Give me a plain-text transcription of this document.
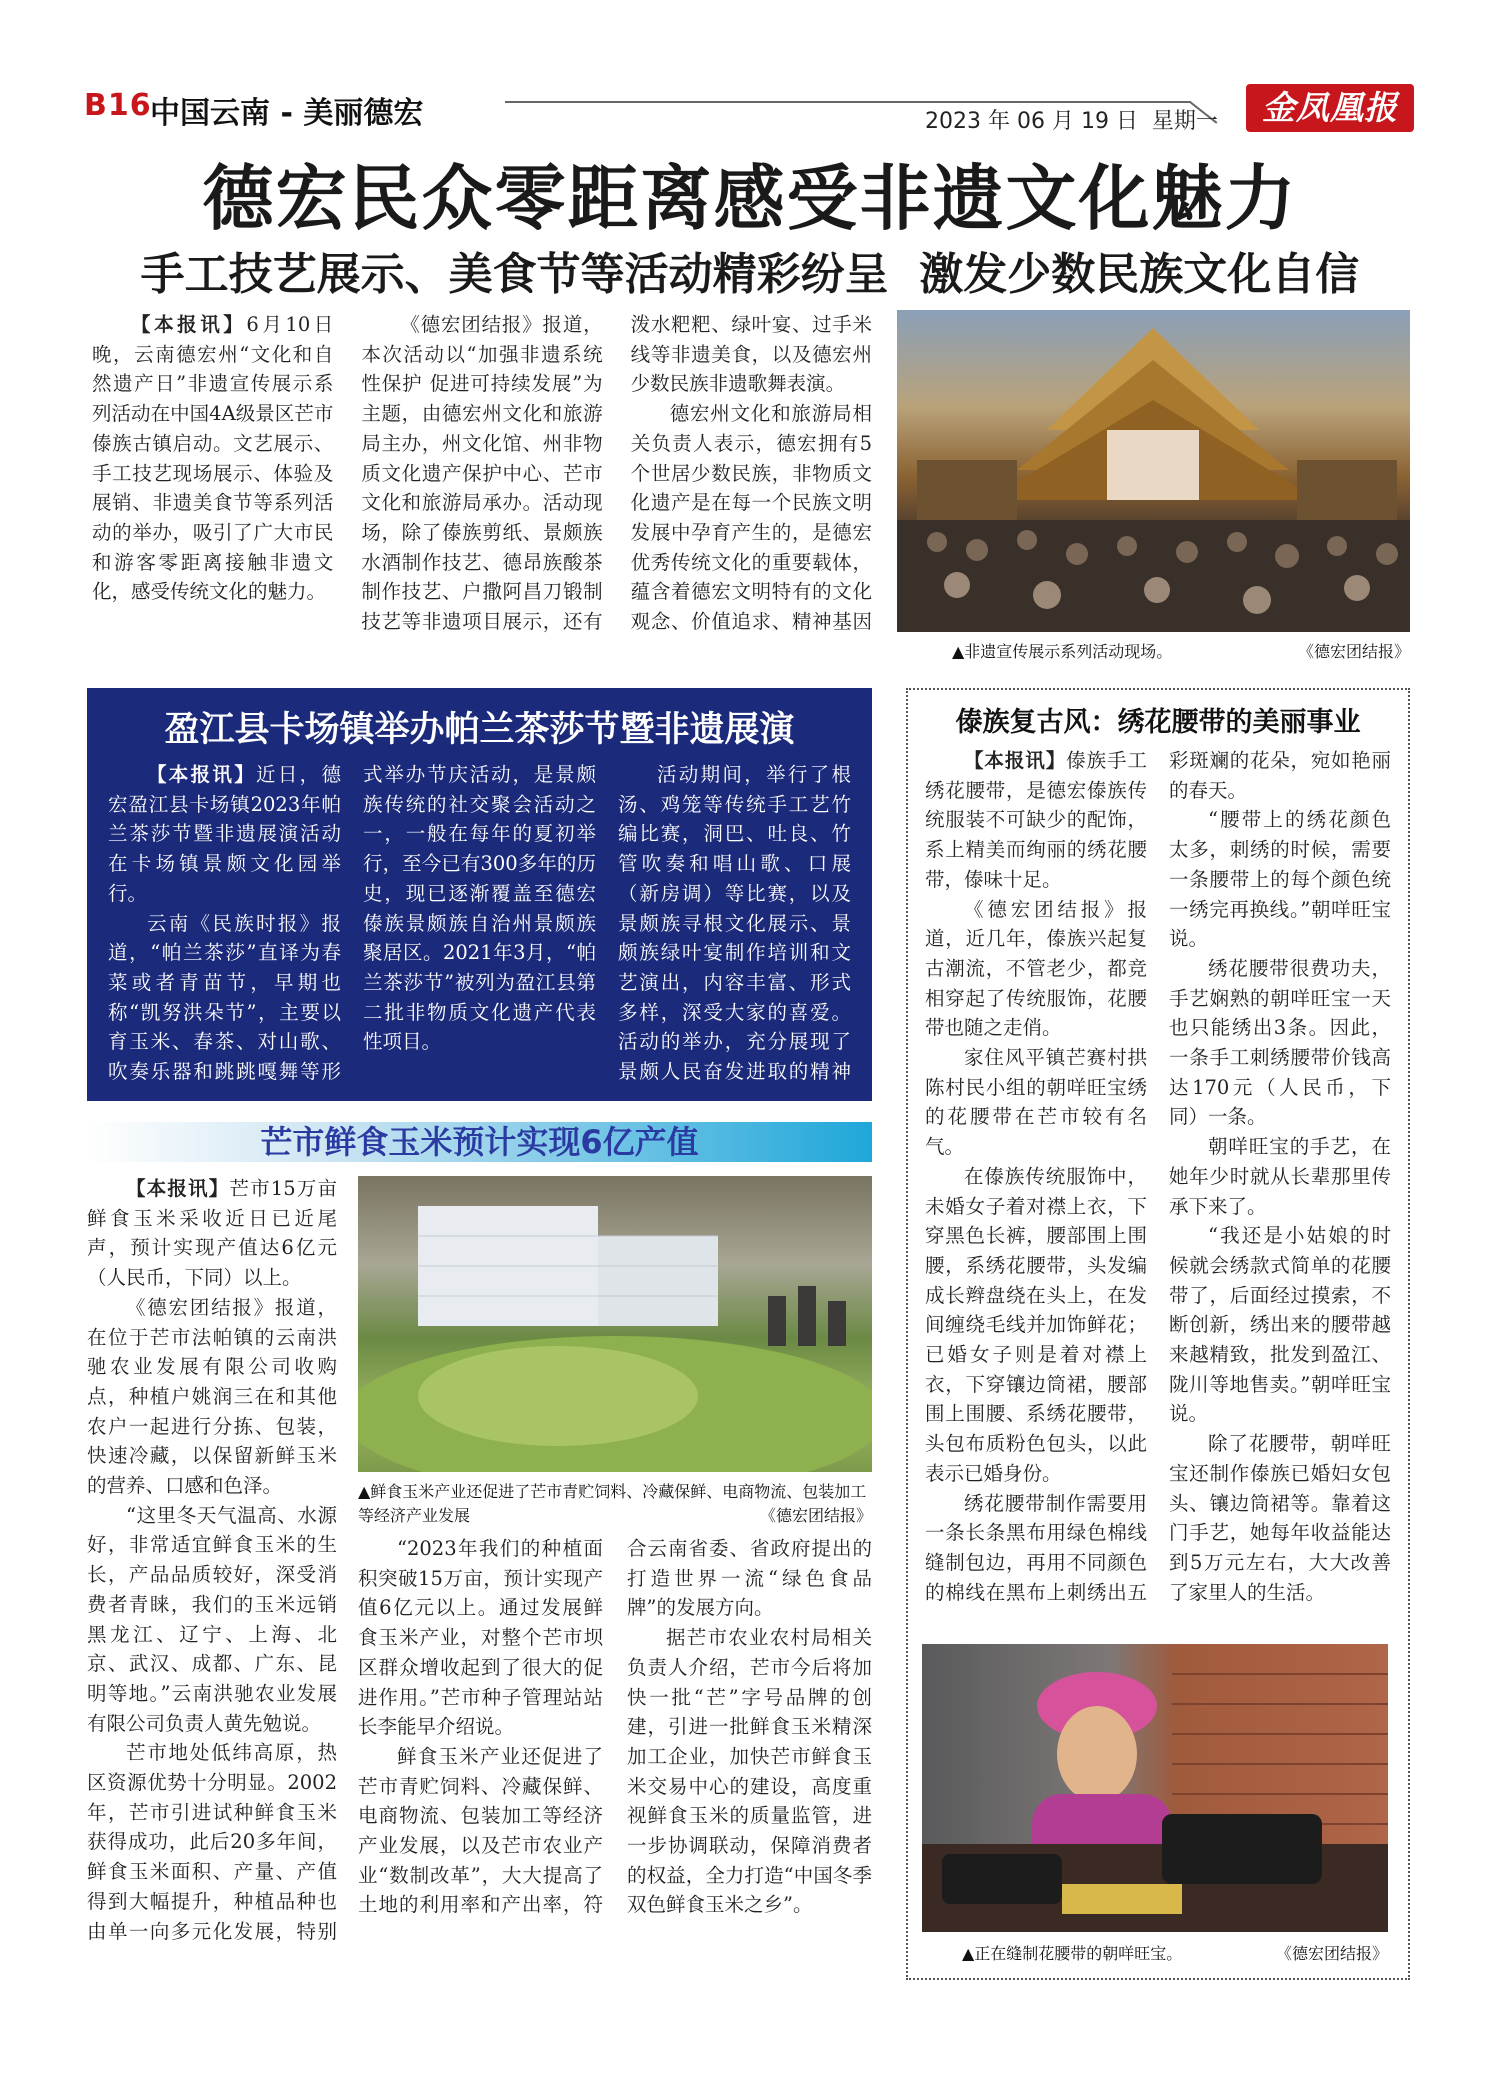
B16
中国云南 - 美丽德宏	2023 年 06 月 19 日  星期一	金凤凰报
德宏民众零距离感受非遗文化魅力
手工技艺展示、美食节等活动精彩纷呈  激发少数民族文化自信

【本报讯】6月10日晚，云南德宏州“文化和自然遗产日”非遗宣传展示系列活动在中国4A级景区芒市傣族古镇启动。文艺展示、手工技艺现场展示、体验及展销、非遗美食节等系列活动的举办，吸引了广大市民和游客零距离接触非遗文化，感受传统文化的魅力。

《德宏团结报》报道，本次活动以“加强非遗系统性保护 促进可持续发展”为主题，由德宏州文化和旅游局主办，州文化馆、州非物质文化遗产保护中心、芒市文化和旅游局承办。活动现场，除了傣族剪纸、景颇族水酒制作技艺、德昂族酸茶制作技艺、户撒阿昌刀锻制技艺等非遗项目展示，还有泼水粑粑、绿叶宴、过手米线等非遗美食，以及德宏州少数民族非遗歌舞表演。

德宏州文化和旅游局相关负责人表示，德宏拥有5个世居少数民族，非物质文化遗产是在每一个民族文明发展中孕育产生的，是德宏优秀传统文化的重要载体，蕴含着德宏文明特有的文化观念、价值追求、精神基因

▲非遗宣传展示系列活动现场。	《德宏团结报》
盈江县卡场镇举办帕兰茶莎节暨非遗展演

【本报讯】近日，德宏盈江县卡场镇2023年帕兰茶莎节暨非遗展演活动在卡场镇景颇文化园举行。

云南《民族时报》报道，“帕兰茶莎”直译为春菜或者青苗节，早期也称“凯努洪朵节”，主要以育玉米、春茶、对山歌、吹奏乐器和跳跳嘎舞等形式举办节庆活动，是景颇族传统的社交聚会活动之一，一般在每年的夏初举行，至今已有300多年的历史，现已逐渐覆盖至德宏傣族景颇族自治州景颇族聚居区。2021年3月，“帕兰茶莎节”被列为盈江县第二批非物质文化遗产代表性项目。

活动期间，举行了根汤、鸡笼等传统手工艺竹编比赛，洞巴、吐良、竹管吹奏和唱山歌、口展（新房调）等比赛，以及景颇族寻根文化展示、景颇族绿叶宴制作培训和文艺演出，内容丰富、形式多样，深受大家的喜爱。活动的举办，充分展现了景颇人民奋发进取的精神

傣族复古风：绣花腰带的美丽事业

【本报讯】傣族手工绣花腰带，是德宏傣族传统服装不可缺少的配饰，系上精美而绚丽的绣花腰带，傣味十足。

《德宏团结报》报道，近几年，傣族兴起复古潮流，不管老少，都竞相穿起了传统服饰，花腰带也随之走俏。

家住风平镇芒赛村拱陈村民小组的朝咩旺宝绣的花腰带在芒市较有名气。

在傣族传统服饰中，未婚女子着对襟上衣，下穿黑色长裤，腰部围上围腰，系绣花腰带，头发编成长辫盘绕在头上，在发间缠绕毛线并加饰鲜花；已婚女子则是着对襟上衣，下穿镶边筒裙，腰部围上围腰、系绣花腰带，头包布质粉色包头，以此表示已婚身份。

绣花腰带制作需要用一条长条黑布用绿色棉线缝制包边，再用不同颜色的棉线在黑布上刺绣出五彩斑斓的花朵，宛如艳丽的春天。

“腰带上的绣花颜色太多，刺绣的时候，需要一条腰带上的每个颜色统一绣完再换线。”朝咩旺宝说。

绣花腰带很费功夫，手艺娴熟的朝咩旺宝一天也只能绣出3条。因此，一条手工刺绣腰带价钱高达170元（人民币，下同）一条。

朝咩旺宝的手艺，在她年少时就从长辈那里传承下来了。

“我还是小姑娘的时候就会绣款式简单的花腰带了，后面经过摸索，不断创新，绣出来的腰带越来越精致，批发到盈江、陇川等地售卖。”朝咩旺宝说。

除了花腰带，朝咩旺宝还制作傣族已婚妇女包头、镶边筒裙等。靠着这门手艺，她每年收益能达到5万元左右，大大改善了家里人的生活。

▲正在缝制花腰带的朝咩旺宝。	《德宏团结报》
芒市鲜食玉米预计实现6亿产值
▲鲜食玉米产业还促进了芒市青贮饲料、冷藏保鲜、电商物流、包装加工等经济产业发展	《德宏团结报》

【本报讯】芒市15万亩鲜食玉米采收近日已近尾声，预计实现产值达6亿元（人民币，下同）以上。

《德宏团结报》报道，在位于芒市法帕镇的云南洪驰农业发展有限公司收购点，种植户姚润三在和其他农户一起进行分拣、包装，快速冷藏，以保留新鲜玉米的营养、口感和色泽。

“这里冬天气温高、水源好，非常适宜鲜食玉米的生长，产品品质较好，深受消费者青睐，我们的玉米远销黑龙江、辽宁、上海、北京、武汉、成都、广东、昆明等地。”云南洪驰农业发展有限公司负责人黄先勉说。

芒市地处低纬高原，热区资源优势十分明显。2002年，芒市引进试种鲜食玉米获得成功，此后20多年间，鲜食玉米面积、产量、产值得到大幅提升，种植品种也由单一向多元化发展，特别

“2023年我们的种植面积突破15万亩，预计实现产值6亿元以上。通过发展鲜食玉米产业，对整个芒市坝区群众增收起到了很大的促进作用。”芒市种子管理站站长李能早介绍说。

鲜食玉米产业还促进了芒市青贮饲料、冷藏保鲜、电商物流、包装加工等经济产业发展，以及芒市农业产业“数制改革”，大大提高了土地的利用率和产出率，符合云南省委、省政府提出的打造世界一流“绿色食品牌”的发展方向。

据芒市农业农村局相关负责人介绍，芒市今后将加快一批“芒”字号品牌的创建，引进一批鲜食玉米精深加工企业，加快芒市鲜食玉米交易中心的建设，高度重视鲜食玉米的质量监管，进一步协调联动，保障消费者的权益，全力打造“中国冬季双色鲜食玉米之乡”。
